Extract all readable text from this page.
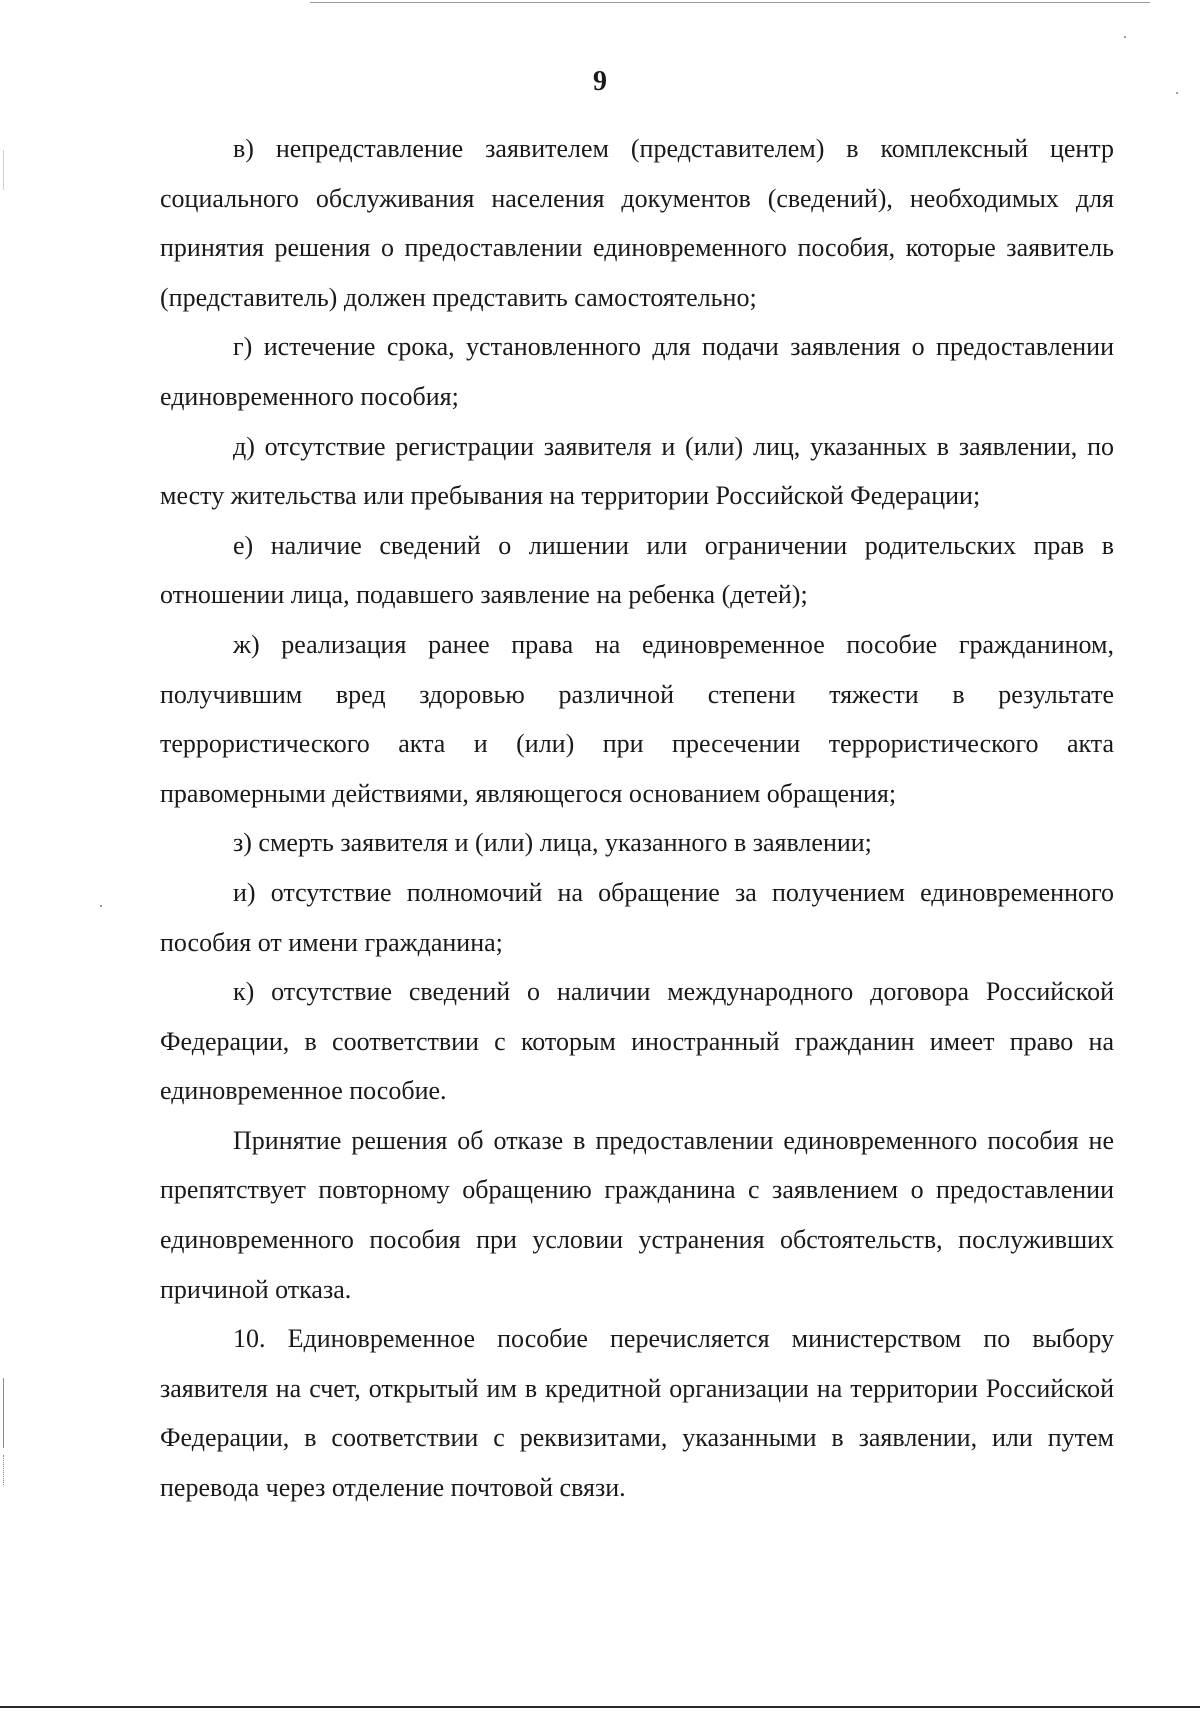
9

в) непредставление заявителем (представителем) в комплексный центр социального обслуживания населения документов (сведений), необходимых для принятия решения о предоставлении единовременного пособия, которые заявитель (представитель) должен представить самостоятельно;

г) истечение срока, установленного для подачи заявления о предоставлении единовременного пособия;

д) отсутствие регистрации заявителя и (или) лиц, указанных в заявлении, по месту жительства или пребывания на территории Российской Федерации;

е) наличие сведений о лишении или ограничении родительских прав в отношении лица, подавшего заявление на ребенка (детей);

ж) реализация ранее права на единовременное пособие гражданином, получившим вред здоровью различной степени тяжести в результате террористического акта и (или) при пресечении террористического акта правомерными действиями, являющегося основанием обращения;

з) смерть заявителя и (или) лица, указанного в заявлении;

и) отсутствие полномочий на обращение за получением единовременного пособия от имени гражданина;

к) отсутствие сведений о наличии международного договора Российской Федерации, в соответствии с которым иностранный гражданин имеет право на единовременное пособие.

Принятие решения об отказе в предоставлении единовременного пособия не препятствует повторному обращению гражданина с заявлением о предоставлении единовременного пособия при условии устранения обстоятельств, послуживших причиной отказа.

10. Единовременное пособие перечисляется министерством по выбору заявителя на счет, открытый им в кредитной организации на территории Российской Федерации, в соответствии с реквизитами, указанными в заявлении, или путем перевода через отделение почтовой связи.
